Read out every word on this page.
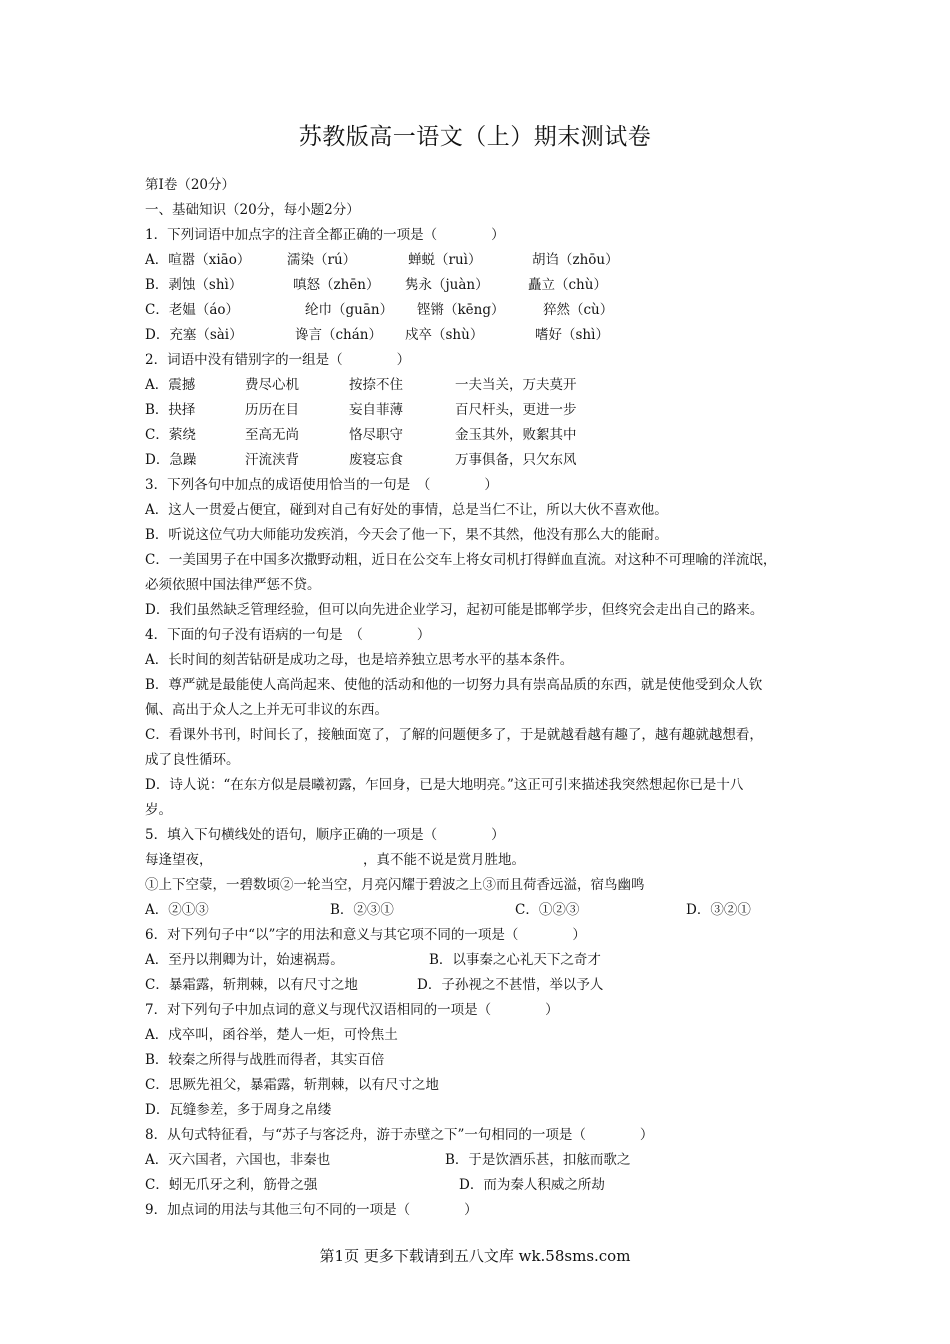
苏教版高一语文（上）期末测试卷
第Ⅰ卷（20分）
一、基础知识（20分，每小题2分）
1．下列词语中加点字的注音全都正确的一项是（　　　　）
A．喧嚣（xiāo）	濡染（rú）	蝉蜕（ruì）	胡诌（zhōu）
B．剥蚀（shì）	嗔怒（zhēn） 隽永（juàn）	矗立（chù）
C．老媪（áo）	纶巾（guān） 铿锵（kēng）	猝然（cù）
D．充塞（sài）	谗言（chán） 戍卒（shù）	嗜好（shì）
2．词语中没有错别字的一组是（　　　　）
A．震撼	费尽心机	按捺不住	一夫当关，万夫莫开
B．抉择	历历在目	妄自菲薄	百尺杆头，更进一步
C．萦绕	至高无尚	恪尽职守	金玉其外，败絮其中
D．急躁	汗流浃背	废寝忘食	万事俱备，只欠东风
3．下列各句中加点的成语使用恰当的一句是　（　　　　）
A．这人一贯爱占便宜，碰到对自己有好处的事情，总是当仁不让，所以大伙不喜欢他。
B．听说这位气功大师能功发疾消，今天会了他一下，果不其然，他没有那么大的能耐。
C．一美国男子在中国多次撒野动粗，近日在公交车上将女司机打得鲜血直流。对这种不可理喻的洋流氓，
必须依照中国法律严惩不贷。
D．我们虽然缺乏管理经验，但可以向先进企业学习，起初可能是邯郸学步，但终究会走出自己的路来。
4．下面的句子没有语病的一句是　（　　　　）
A．长时间的刻苦钻研是成功之母，也是培养独立思考水平的基本条件。
B．尊严就是最能使人高尚起来、使他的活动和他的一切努力具有崇高品质的东西，就是使他受到众人钦
佩、高出于众人之上并无可非议的东西。
C．看课外书刊，时间长了，接触面宽了，了解的问题便多了，于是就越看越有趣了，越有趣就越想看，
成了良性循环。
D．诗人说：“在东方似是晨曦初露，乍回身，已是大地明亮。”这正可引来描述我突然想起你已是十八
岁。
5．填入下句横线处的语句，顺序正确的一项是（　　　　）
每逢望夜，	，真不能不说是赏月胜地。
①上下空蒙，一碧数顷②一轮当空，月亮闪耀于碧波之上③而且荷香远溢，宿鸟幽鸣
A．②①③	B．②③①	C．①②③	D．③②①
6．对下列句子中“以”字的用法和意义与其它项不同的一项是（　　　　）
A．至丹以荆卿为计，始速祸焉。	B．以事秦之心礼天下之奇才
C．暴霜露，斩荆棘，以有尺寸之地	D．子孙视之不甚惜，举以予人
7．对下列句子中加点词的意义与现代汉语相同的一项是（　　　　）
A．戍卒叫，函谷举，楚人一炬，可怜焦土
B．较秦之所得与战胜而得者，其实百倍
C．思厥先祖父，暴霜露，斩荆棘，以有尺寸之地
D．瓦缝参差，多于周身之帛缕
8．从句式特征看，与“苏子与客泛舟，游于赤壁之下”一句相同的一项是（　　　　）
A．灭六国者，六国也，非秦也	B．于是饮酒乐甚，扣舷而歌之
C．蚓无爪牙之利，筋骨之强	D．而为秦人积威之所劫
9．加点词的用法与其他三句不同的一项是（　　　　）
第1页 更多下载请到五八文库 wk.58sms.com
